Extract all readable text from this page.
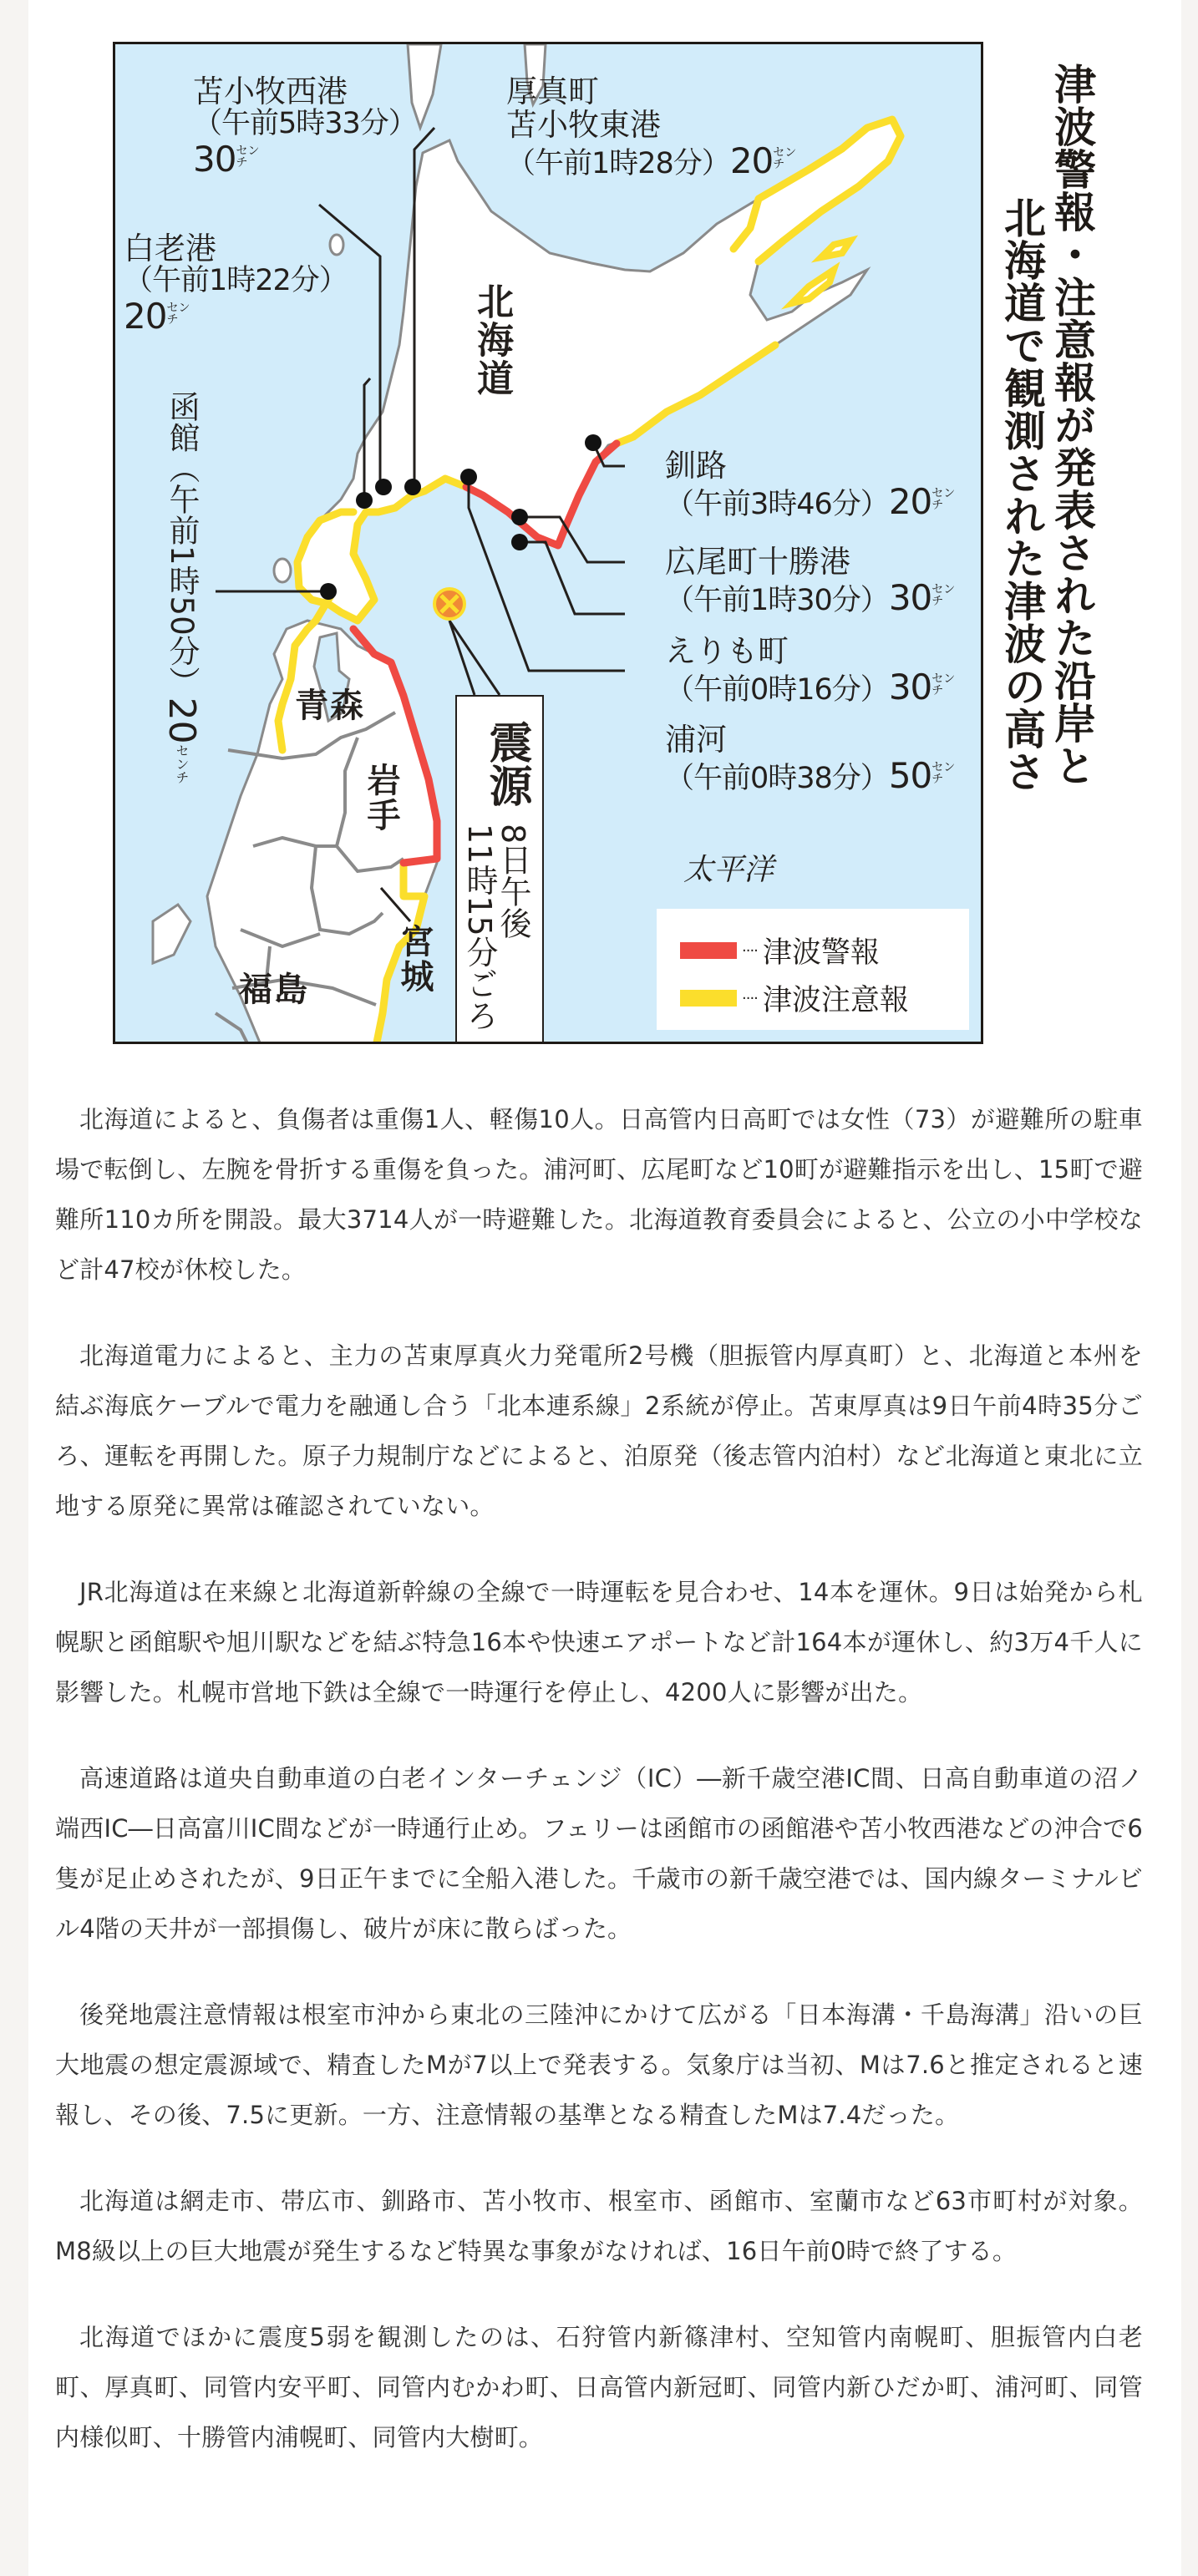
苫小牧西港
（午前5時33分）
30 セン
チ
厚真町
苫小牧東港
（午前1時28分）20 セン
チ
白老港
（午前1時22分）
20 セン
チ
函館（午前1時50分）20センチ
釧路
（午前3時46分）20 セン
チ
広尾町十勝港
（午前1時30分）30 セン
チ
えりも町
（午前0時16分）30 セン
チ
浦河
（午前0時38分）50 セン
チ
北海道
青森
岩手
宮城
福島
太平洋
震源
8日午後
11時15分ごろ	···· 津波警報
···· 津波注意報
津波警報・注意報が発表された沿岸と
北海道で観測された津波の高さ

北海道によると、負傷者は重傷1人、軽傷10人。日高管内日高町では女性（73）が避難所の駐車場で転倒し、左腕を骨折する重傷を負った。浦河町、広尾町など10町が避難指示を出し、15町で避難所110カ所を開設。最大3714人が一時避難した。北海道教育委員会によると、公立の小中学校など計47校が休校した。

北海道電力によると、主力の苫東厚真火力発電所2号機（胆振管内厚真町）と、北海道と本州を結ぶ海底ケーブルで電力を融通し合う「北本連系線」2系統が停止。苫東厚真は9日午前4時35分ごろ、運転を再開した。原子力規制庁などによると、泊原発（後志管内泊村）など北海道と東北に立地する原発に異常は確認されていない。

JR北海道は在来線と北海道新幹線の全線で一時運転を見合わせ、14本を運休。9日は始発から札幌駅と函館駅や旭川駅などを結ぶ特急16本や快速エアポートなど計164本が運休し、約3万4千人に影響した。札幌市営地下鉄は全線で一時運行を停止し、4200人に影響が出た。

高速道路は道央自動車道の白老インターチェンジ（IC）―新千歳空港IC間、日高自動車道の沼ノ端西IC―日高富川IC間などが一時通行止め。フェリーは函館市の函館港や苫小牧西港などの沖合で6隻が足止めされたが、9日正午までに全船入港した。千歳市の新千歳空港では、国内線ターミナルビル4階の天井が一部損傷し、破片が床に散らばった。

後発地震注意情報は根室市沖から東北の三陸沖にかけて広がる「日本海溝・千島海溝」沿いの巨大地震の想定震源域で、精査したMが7以上で発表する。気象庁は当初、Mは7.6と推定されると速報し、その後、7.5に更新。一方、注意情報の基準となる精査したMは7.4だった。

北海道は網走市、帯広市、釧路市、苫小牧市、根室市、函館市、室蘭市など63市町村が対象。M8級以上の巨大地震が発生するなど特異な事象がなければ、16日午前0時で終了する。

北海道でほかに震度5弱を観測したのは、石狩管内新篠津村、空知管内南幌町、胆振管内白老町、厚真町、同管内安平町、同管内むかわ町、日高管内新冠町、同管内新ひだか町、浦河町、同管内様似町、十勝管内浦幌町、同管内大樹町。
